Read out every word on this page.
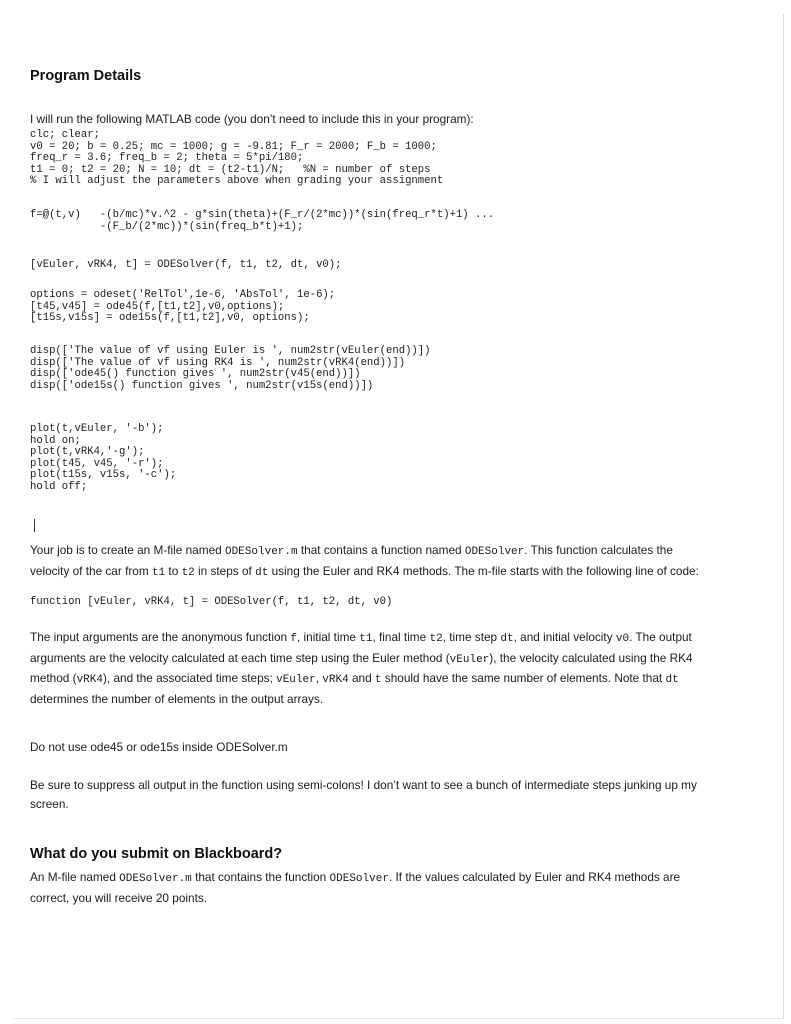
Program Details
I will run the following MATLAB code (you don’t need to include this in your program):
clc; clear;
v0 = 20; b = 0.25; mc = 1000; g = -9.81; F_r = 2000; F_b = 1000;
freq_r = 3.6; freq_b = 2; theta = 5*pi/180;
t1 = 0; t2 = 20; N = 10; dt = (t2-t1)/N;   %N = number of steps
% I will adjust the parameters above when grading your assignment
f=@(t,v)   -(b/mc)*v.^2 - g*sin(theta)+(F_r/(2*mc))*(sin(freq_r*t)+1) ...
-(F_b/(2*mc))*(sin(freq_b*t)+1);
[vEuler, vRK4, t] = ODESolver(f, t1, t2, dt, v0);
options = odeset('RelTol',1e-6, 'AbsTol', 1e-6);
[t45,v45] = ode45(f,[t1,t2],v0,options);
[t15s,v15s] = ode15s(f,[t1,t2],v0, options);
disp(['The value of vf using Euler is ', num2str(vEuler(end))])
disp(['The value of vf using RK4 is ', num2str(vRK4(end))])
disp(['ode45() function gives ', num2str(v45(end))])
disp(['ode15s() function gives ', num2str(v15s(end))])
plot(t,vEuler, '-b');
hold on;
plot(t,vRK4,'-g');
plot(t45, v45, '-r');
plot(t15s, v15s, '-c');
hold off;
Your job is to create an M-file named ODESolver.m that contains a function named ODESolver. This function calculates the velocity of the car from t1 to t2 in steps of dt using the Euler and RK4 methods. The m-file starts with the following line of code:
function [vEuler, vRK4, t] = ODESolver(f, t1, t2, dt, v0)
The input arguments are the anonymous function f, initial time t1, final time t2, time step dt, and initial velocity v0. The output arguments are the velocity calculated at each time step using the Euler method (vEuler), the velocity calculated using the RK4 method (vRK4), and the associated time steps; vEuler, vRK4 and t should have the same number of elements. Note that dt determines the number of elements in the output arrays.
Do not use ode45 or ode15s inside ODESolver.m
Be sure to suppress all output in the function using semi-colons! I don’t want to see a bunch of intermediate steps junking up my screen.
What do you submit on Blackboard?
An M-file named ODESolver.m that contains the function ODESolver. If the values calculated by Euler and RK4 methods are correct, you will receive 20 points.
